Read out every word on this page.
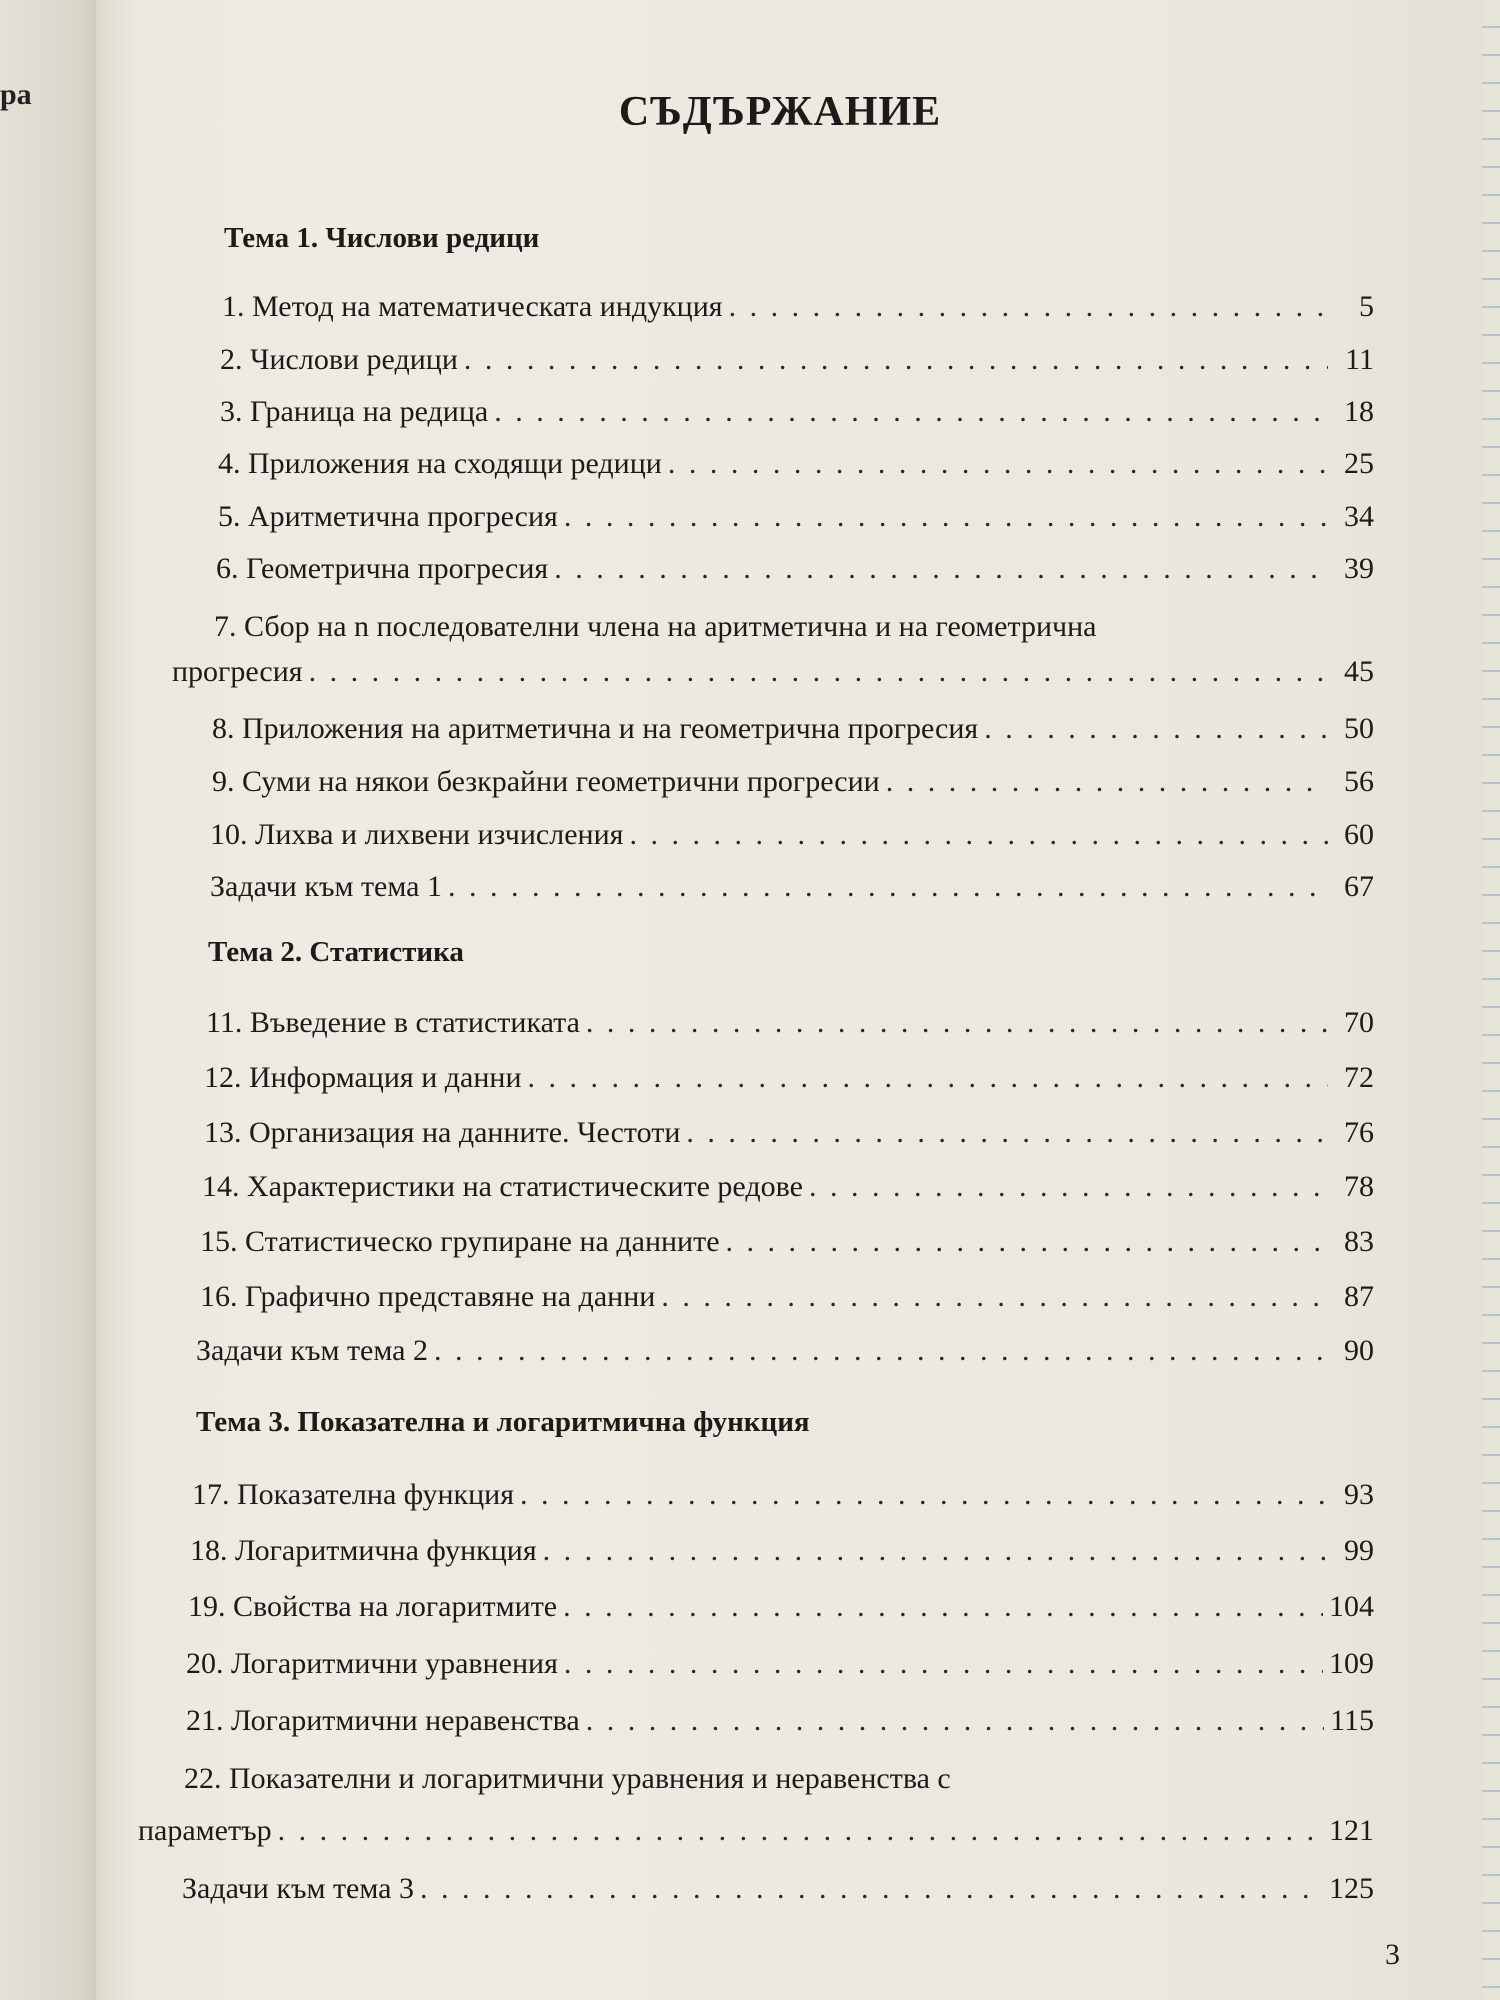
ра	СЪДЪРЖАНИЕ
Тема 1. Числови редици
1. Метод на математическата индукция . . .	5
2. Числови редици . . .	11
3. Граница на редица . . .	18
4. Приложения на сходящи редици . . .	25
5. Аритметична прогресия . . .	34
6. Геометрична прогресия . . .	39
7. Сбор на n последователни члена на аритметична и на геометрична
прогресия . . .	45
8. Приложения на аритметична и на геометрична прогресия . . .	50
9. Суми на някои безкрайни геометрични прогресии . . .	56
10. Лихва и лихвени изчисления . . .	60
Задачи към тема 1 . . .	67
Тема 2. Статистика
11. Въведение в статистиката . . .	70
12. Информация и данни . . .	72
13. Организация на данните. Честоти . . .	76
14. Характеристики на статистическите редове . . .	78
15. Статистическо групиране на данните . . .	83
16. Графично представяне на данни . . .	87
Задачи към тема 2 . . .	90
Тема 3. Показателна и логаритмична функция
17. Показателна функция . . .	93
18. Логаритмична функция . . .	99
19. Свойства на логаритмите . . .	104
20. Логаритмични уравнения . . .	109
21. Логаритмични неравенства . . .	115
22. Показателни и логаритмични уравнения и неравенства с
параметър . . .	121
Задачи към тема 3 . . .	125
3
